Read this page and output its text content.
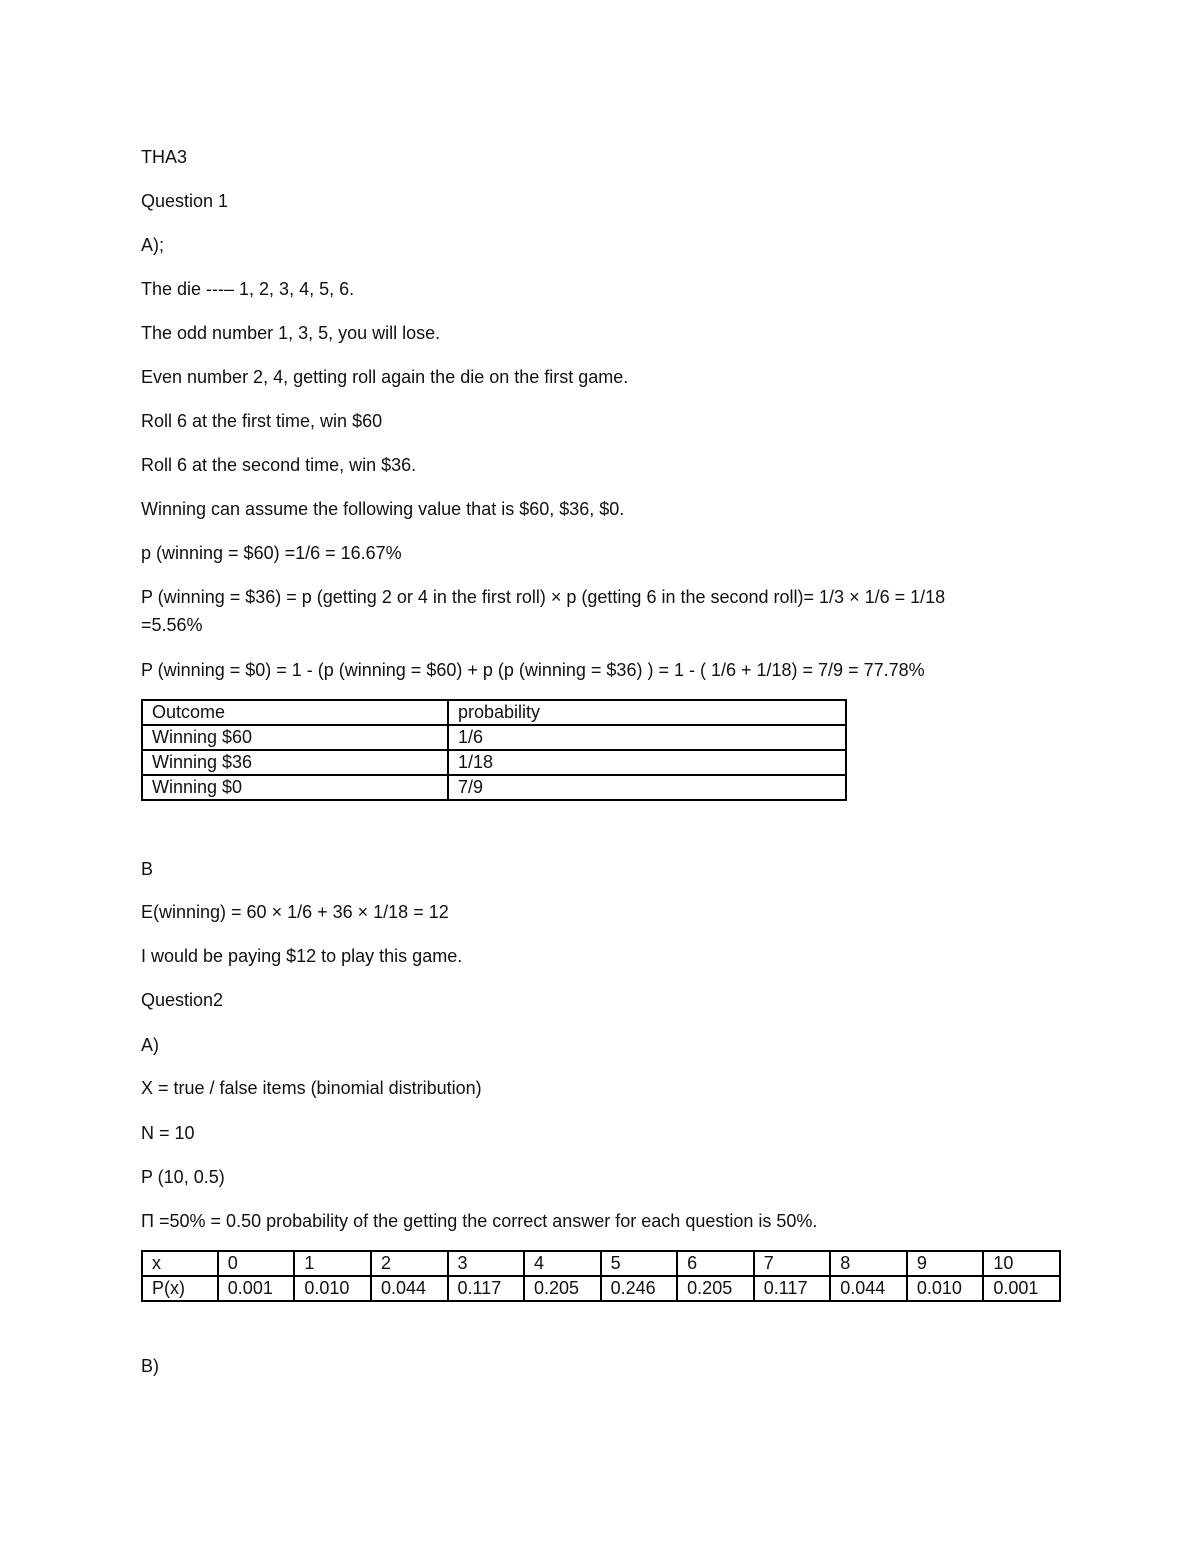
THA3
Question 1
A);
The die ---– 1, 2, 3, 4, 5, 6.
The odd number 1, 3, 5, you will lose.
Even number 2, 4, getting roll again the die on the first game.
Roll 6 at the first time, win $60
Roll 6 at the second time, win $36.
Winning can assume the following value that is $60, $36, $0.
p (winning = $60) =1/6 = 16.67%
P (winning = $36) = p (getting 2 or 4 in the first roll) × p (getting 6 in the second roll)= 1/3 × 1/6 = 1/18
=5.56%
P (winning = $0) = 1 - (p (winning = $60) + p (p (winning = $36) ) = 1 - ( 1/6 + 1/18) = 7/9 = 77.78%
Outcome	probability
Winning $60	1/6
Winning $36	1/18
Winning $0	7/9
B
E(winning) = 60 × 1/6 + 36 × 1/18 = 12
I would be paying $12 to play this game.
Question2
A)
X = true / false items (binomial distribution)
N = 10
P (10, 0.5)
Π =50% = 0.50 probability of the getting the correct answer for each question is 50%.
x	0	1	2	3	4	5	6	7	8	9	10
P(x)	0.001	0.010	0.044	0.117	0.205	0.246	0.205	0.117	0.044	0.010	0.001
B)
